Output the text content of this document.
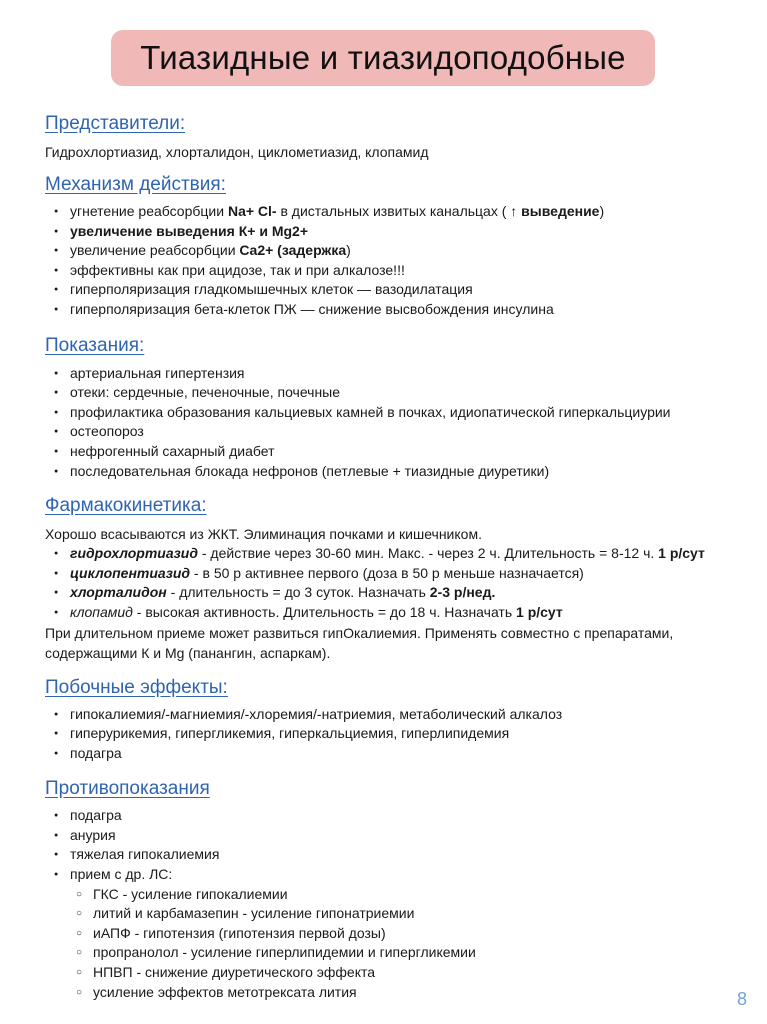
Тиазидные и тиазидоподобные

Представители:

Гидрохлортиазид, хлорталидон, циклометиазид, клопамид

Механизм действия:

● угнетение реабсорбции Na+ Cl- в дистальных извитых канальцах ( ↑ выведение)
● увеличение выведения К+ и Mg2+
● увеличение реабсорбции Ca2+ (задержка)
● эффективны как при ацидозе, так и при алкалозе!!!
● гиперполяризация гладкомышечных клеток — вазодилатация
● гиперполяризация бета-клеток ПЖ — снижение высвобождения инсулина

Показания:

● артериальная гипертензия
● отеки: сердечные, печеночные, почечные
● профилактика образования кальциевых камней в почках, идиопатической гиперкальциурии
● остеопороз
● нефрогенный сахарный диабет
● последовательная блокада нефронов (петлевые + тиазидные диуретики)

Фармакокинетика:

Хорошо всасываются из ЖКТ. Элиминация почками и кишечником.

● гидрохлортиазид - действие через 30-60 мин. Макс. - через 2 ч. Длительность = 8-12 ч. 1 р/сут
● циклопентиазид - в 50 р активнее первого (доза в 50 р меньше назначается)
● хлорталидон - длительность = до 3 суток. Назначать 2-3 р/нед.
● клопамид - высокая активность. Длительность = до 18 ч. Назначать 1 р/сут

При длительном приеме может развиться гипОкалиемия. Применять совместно с препаратами,

содержащими К и Mg (панангин, аспаркам).

Побочные эффекты:

● гипокалиемия/-магниемия/-хлоремия/-натриемия, метаболический алкалоз
● гиперурикемия, гипергликемия, гиперкальциемия, гиперлипидемия
● подагра

Противопоказания

● подагра
● анурия
● тяжелая гипокалиемия
● прием с др. ЛС:
○ ГКС - усиление гипокалиемии
○ литий и карбамазепин - усиление гипонатриемии
○ иАПФ - гипотензия (гипотензия первой дозы)
○ пропранолол - усиление гиперлипидемии и гипергликемии
○ НПВП - снижение диуретического эффекта
○ усиление эффектов метотрексата лития	8
